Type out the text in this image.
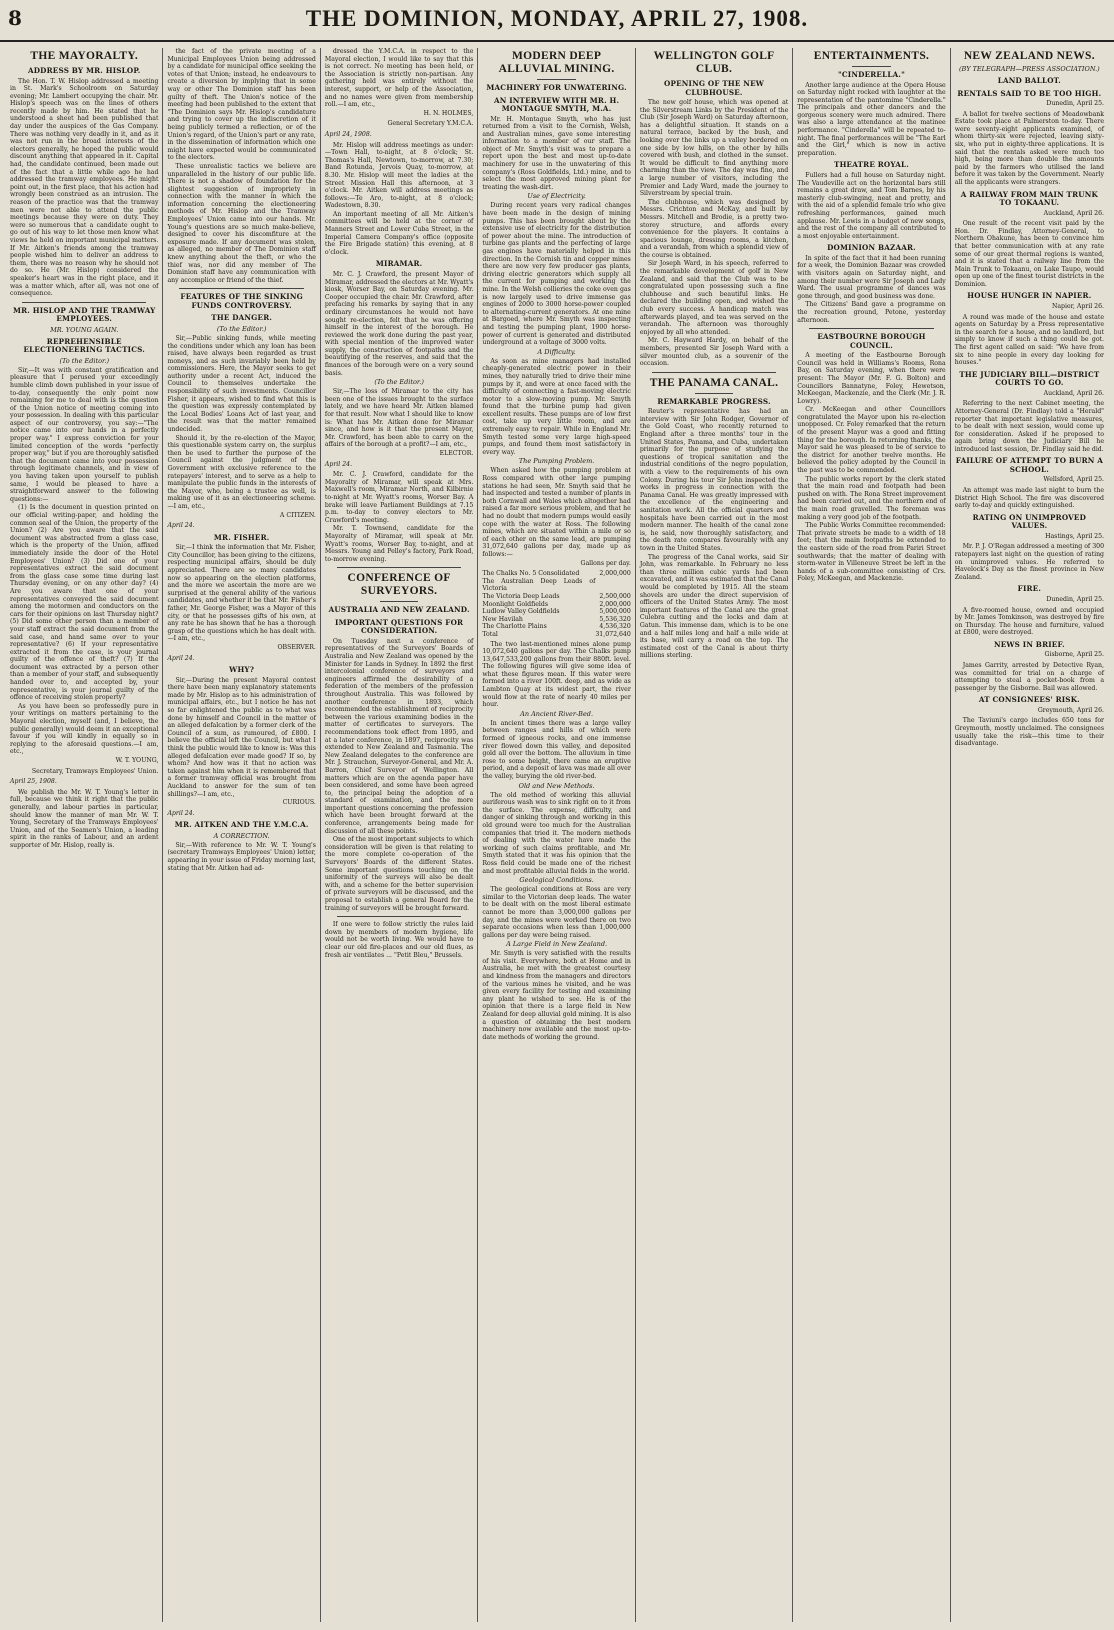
8	THE DOMINION, MONDAY, APRIL 27, 1908.
THE MAYORALTY.
ADDRESS BY MR. HISLOP.

The Hon. T. W. Hislop addressed a meeting in St. Mark's Schoolroom on Saturday evening; Mr. Lambert occupying the chair. Mr. Hislop's speech was on the lines of others recently made by him. He stated that he understood a sheet had been published that day under the auspices of the Gas Company. There was nothing very deadly in it, and as it was not run in the broad interests of the electors generally, he hoped the public would discount anything that appeared in it. Capital had, the candidate continued, been made out of the fact that a little while ago he had addressed the tramway employees. He might point out, in the first place, that his action had wrongly been construed as an intrusion. The reason of the practice was that the tramway men were not able to attend the public meetings because they were on duty. They were so numerous that a candidate ought to go out of his way to let those men know what views he held on important municipal matters. If Mr. Aitken's friends among the tramway people wished him to deliver an address to them, there was no reason why he should not do so. He (Mr. Hislop) considered the speaker's heart was in the right place, and it was a matter which, after all, was not one of consequence.

MR. HISLOP AND THE TRAMWAY EMPLOYEES.
MR. YOUNG AGAIN.
REPREHENSIBLE ELECTIONEERING TACTICS.
(To the Editor.)

Sir,—It was with constant gratification and pleasure that I perused your exceedingly humble climb down published in your issue of to-day, consequently the only point now remaining for me to deal with is the question of the Union notice of meeting coming into your possession. In dealing with this particular aspect of our controversy, you say:—"The notice came into our hands in a perfectly proper way." I express conviction for your limited conception of the words "perfectly proper way," but if you are thoroughly satisfied that the document came into your possession through legitimate channels, and in view of you having taken upon yourself to publish same, I would be pleased to have a straightforward answer to the following questions:—

(1) Is the document in question printed on our official writing-paper, and holding the common seal of the Union, the property of the Union? (2) Are you aware that the said document was abstracted from a glass case, which is the property of the Union, affixed immediately inside the door of the Hotel Employees' Union? (3) Did one of your representatives extract the said document from the glass case some time during last Thursday evening, or on any other day? (4) Are you aware that one of your representatives conveyed the said document among the motormen and conductors on the cars for their opinions on last Thursday night? (5) Did some other person than a member of your staff extract the said document from the said case, and hand same over to your representative? (6) If your representative extracted it from the case, is your journal guilty of the offence of theft? (7) If the document was extracted by a person other than a member of your staff, and subsequently handed over to, and accepted by, your representative, is your journal guilty of the offence of receiving stolen property?

As you have been so professedly pure in your writings on matters pertaining to the Mayoral election, myself (and, I believe, the public generally) would deem it an exceptional favour if you will kindly in equally so in replying to the aforesaid questions.—I am, etc.,

W. T. YOUNG,
Secretary, Tramways Employees' Union.
April 25, 1908.

We publish the Mr. W. T. Young's letter in full, because we think it right that the public generally, and labour parties in particular, should know the manner of man Mr. W. T. Young, Secretary of the Tramways Employees' Union, and of the Seamen's Union, a leading spirit in the ranks of Labour, and an ardent supporter of Mr. Hislop, really is.

the fact of the private meeting of a Municipal Employees Union being addressed by a candidate for municipal office seeking the votes of that Union; instead, he endeavours to create a diversion by implying that in some way or other The Dominion staff has been guilty of theft. The Union's notice of the meeting had been published to the extent that "The Dominion says Mr. Hislop's candidature and trying to cover up the indiscretion of it being publicly termed a reflection, or of the Union's regard, of the Union's part or any rate, in the dissemination of information which one might have expected would be communicated to the electors.

These unrealistic tactics we believe are unparalleled in the history of our public life. There is not a shadow of foundation for the slightest suggestion of impropriety in connection with the manner in which the information concerning the electioneering methods of Mr. Hislop and the Tramway Employees' Union came into our hands. Mr. Young's questions are so much make-believe, designed to cover his discomfiture at the exposure made. If any document was stolen, as alleged, no member of The Dominion staff knew anything about the theft, or who the thief was, nor did any member of The Dominion staff have any communication with any accomplice or friend of the thief.

FEATURES OF THE SINKING FUNDS CONTROVERSY.
THE DANGER.
(To the Editor.)

Sir,—Public sinking funds, while meeting the conditions under which any loan has been raised, have always been regarded as trust moneys, and as such invariably been held by commissioners. Here, the Mayor seeks to get authority under a recent Act, induced the Council to themselves undertake the responsibility of such investments. Councillor Fisher, it appears, wished to find what this is the question was expressly contemplated by the Local Bodies' Loans Act of last year, and the result was that the matter remained undecided.

Should it, by the re-election of the Mayor, this questionable system carry on, the surplus then be used to further the purpose of the Council against the judgment of the Government with exclusive reference to the ratepayers' interest, and to serve as a help to manipulate the public funds in the interests of the Mayor, who, being a trustee as well, is making use of it as an electioneering scheme.—I am, etc.,

A CITIZEN.
April 24.
MR. FISHER.

Sir,—I think the information that Mr. Fisher, City Councillor, has been giving to the citizens, respecting municipal affairs, should be duly appreciated. There are so many candidates now so appearing on the election platforms, and the more we ascertain the more are we surprised at the general ability of the various candidates, and whether it be that Mr. Fisher's father, Mr. George Fisher, was a Mayor of this city, or that he possesses gifts of his own, at any rate he has shown that he has a thorough grasp of the questions which he has dealt with.—I am, etc.,

OBSERVER.
April 24.
WHY?

Sir,—During the present Mayoral contest there have been many explanatory statements made by Mr. Hislop as to his administration of municipal affairs, etc., but I notice he has not so far enlightened the public as to what was done by himself and Council in the matter of an alleged defalcation by a former clerk of the Council of a sum, as rumoured, of £800. I believe the official left the Council, but what I think the public would like to know is: Was this alleged defalcation ever made good? If so, by whom? And how was it that no action was taken against him when it is remembered that a former tramway official was brought from Auckland to answer for the sum of ten shillings?—I am, etc.,

CURIOUS.
April 24.
MR. AITKEN AND THE Y.M.C.A.
A CORRECTION.

Sir,—With reference to Mr. W. T. Young's (secretary Tramways Employees' Union) letter, appearing in your issue of Friday morning last, stating that Mr. Aitken had ad-

dressed the Y.M.C.A. in respect to the Mayoral election, I would like to say that this is not correct. No meeting has been held, or the Association is strictly non-partisan. Any gathering held was entirely without the interest, support, or help of the Association, and no names were given from membership roll.—I am, etc.,

H. N. HOLMES,
General Secretary Y.M.C.A.
April 24, 1908.

Mr. Hislop will address meetings as under:—Town Hall, to-night, at 8 o'clock; St. Thomas's Hall, Newtown, to-morrow, at 7.30; Band Rotunda, Jervois Quay, to-morrow, at 8.30. Mr. Hislop will meet the ladies at the Street Mission Hall this afternoon, at 3 o'clock. Mr. Aitken will address meetings as follows:—Te Aro, to-night, at 8 o'clock; Wadestown, 8.30.

An important meeting of all Mr. Aitken's committees will be held at the corner of Manners Street and Lower Cuba Street, in the Imperial Camera Company's office (opposite the Fire Brigade station) this evening, at 8 o'clock.

MIRAMAR.

Mr. C. J. Crawford, the present Mayor of Miramar, addressed the electors at Mr. Wyatt's kiosk, Worser Bay, on Saturday evening. Mr. Cooper occupied the chair. Mr. Crawford, after prefacing his remarks by saying that in any ordinary circumstances he would not have sought re-election, felt that he was offering himself in the interest of the borough. He reviewed the work done during the past year, with special mention of the improved water supply, the construction of footpaths and the beautifying of the reserves, and said that the finances of the borough were on a very sound basis.

(To the Editor.)

Sir,—The loss of Miramar to the city has been one of the issues brought to the surface lately, and we have heard Mr. Aitken blamed for that result. Now what I should like to know is: What has Mr. Aitken done for Miramar since, and how is it that the present Mayor, Mr. Crawford, has been able to carry on the affairs of the borough at a profit?—I am, etc.,

ELECTOR.
April 24.

Mr. C. J. Crawford, candidate for the Mayoralty of Miramar, will speak at Mrs. Maxwell's room, Miramar North, and Kilbirnie to-night at Mr. Wyatt's rooms, Worser Bay. A brake will leave Parliament Buildings at 7.15 p.m. to-day to convey electors to Mr. Crawford's meeting.

Mr. T. Townsend, candidate for the Mayoralty of Miramar, will speak at Mr. Wyatt's rooms, Worser Bay, to-night, and at Messrs. Young and Pelley's factory, Park Road, to-morrow evening.

CONFERENCE OF SURVEYORS.
AUSTRALIA AND NEW ZEALAND.
IMPORTANT QUESTIONS FOR CONSIDERATION.

On Tuesday next a conference of representatives of the Surveyors' Boards of Australia and New Zealand was opened by the Minister for Lands in Sydney. In 1892 the first intercolonial conference of surveyors and engineers affirmed the desirability of a federation of the members of the profession throughout Australia. This was followed by another conference in 1893, which recommended the establishment of reciprocity between the various examining bodies in the matter of certificates to surveyors. The recommendations took effect from 1895, and at a later conference, in 1897, reciprocity was extended to New Zealand and Tasmania. The New Zealand delegates to the conference are Mr. J. Strauchon, Surveyor-General, and Mr. A. Barron, Chief Surveyor of Wellington. All matters which are on the agenda paper have been considered, and some have been agreed to, the principal being the adoption of a standard of examination, and the more important questions concerning the profession which have been brought forward at the conference, arrangements being made for discussion of all these points.

One of the most important subjects to which consideration will be given is that relating to the more complete co-operation of the Surveyors' Boards of the different States. Some important questions touching on the uniformity of the surveys will also be dealt with, and a scheme for the better supervision of private surveyors will be discussed, and the proposal to establish a general Board for the training of surveyors will be brought forward.

If one were to follow strictly the rules laid down by members of modern hygiene, life would not be worth living. We would have to clear our old fire-places and our old flues, as fresh air ventilates ... "Petit Bleu," Brussels.

MODERN DEEP ALLUVIAL MINING.
MACHINERY FOR UNWATERING.
AN INTERVIEW WITH MR. H. MONTAGUE SMYTH, M.A.

Mr. H. Montague Smyth, who has just returned from a visit to the Cornish, Welsh, and Australian mines, gave some interesting information to a member of our staff. The object of Mr. Smyth's visit was to prepare a report upon the best and most up-to-date machinery for use in the unwatering of this company's (Ross Goldfields, Ltd.) mine, and to select the most approved mining plant for treating the wash-dirt.

Use of Electricity.

During recent years very radical changes have been made in the design of mining pumps. This has been brought about by the extensive use of electricity for the distribution of power about the mine. The introduction of turbine gas plants and the perfecting of large gas engines have materially helped in this direction. In the Cornish tin and copper mines there are now very few producer gas plants, driving electric generators which supply all the current for pumping and working the mine. In the Welsh collieries the coke oven gas is now largely used to drive immense gas engines of 2000 to 3000 horse-power coupled to alternating-current generators. At one mine at Bargoed, where Mr. Smyth was inspecting and testing the pumping plant, 1900 horse-power of current is generated and distributed underground at a voltage of 3000 volts.

A Difficulty.

As soon as mine managers had installed cheaply-generated electric power in their mines, they naturally tried to drive their mine pumps by it, and were at once faced with the difficulty of connecting a fast-moving electric motor to a slow-moving pump. Mr. Smyth found that the turbine pump had given excellent results. These pumps are of low first cost, take up very little room, and are extremely easy to repair. While in England Mr. Smyth tested some very large high-speed pumps, and found them most satisfactory in every way.

The Pumping Problem.

When asked how the pumping problem at Ross compared with other large pumping stations he had seen, Mr. Smyth said that he had inspected and tested a number of plants in both Cornwall and Wales which altogether had raised a far more serious problem, and that he had no doubt that modern pumps would easily cope with the water at Ross. The following mines, which are situated within a mile or so of each other on the same lead, are pumping 31,072,640 gallons per day, made up as follows:—

Gallons per day.
The Chalks No. 5 Consolidated	2,000,000
The Australian Deep Leads of Victoria	
The Victoria Deep Leads	2,500,000
Moonlight Goldfields	2,000,000
Ludlow Valley Goldfields	5,000,000
New Havilah	5,536,320
The Charlotte Plains	4,536,320
Total	31,072,640

The two last-mentioned mines alone pump 10,072,640 gallons per day. The Chalks pump 13,647,533,200 gallons from their 880ft. level. The following figures will give some idea of what these figures mean. If this water were formed into a river 100ft. deep, and as wide as Lambton Quay at its widest part, the river would flow at the rate of nearly 40 miles per hour.

An Ancient River-Bed.

In ancient times there was a large valley between ranges and hills of which were formed of igneous rocks, and one immense river flowed down this valley, and deposited gold all over the bottom. The alluvium in time rose to some height, there came an eruptive period, and a deposit of lava was made all over the valley, burying the old river-bed.

Old and New Methods.

The old method of working this alluvial auriferous wash was to sink right on to it from the surface. The expense, difficulty, and danger of sinking through and working in this old ground were too much for the Australian companies that tried it. The modern methods of dealing with the water have made the working of such claims profitable, and Mr. Smyth stated that it was his opinion that the Ross field could be made one of the richest and most profitable alluvial fields in the world.

Geological Conditions.

The geological conditions at Ross are very similar to the Victorian deep leads. The water to be dealt with on the most liberal estimate cannot be more than 3,000,000 gallons per day, and the mines were worked there on two separate occasions when less than 1,000,000 gallons per day were being raised.

A Large Field in New Zealand.

Mr. Smyth is very satisfied with the results of his visit. Everywhere, both at Home and in Australia, he met with the greatest courtesy and kindness from the managers and directors of the various mines he visited, and he was given every facility for testing and examining any plant he wished to see. He is of the opinion that there is a large field in New Zealand for deep alluvial gold mining. It is also a question of obtaining the best modern machinery now available and the most up-to-date methods of working the ground.

WELLINGTON GOLF CLUB.
OPENING OF THE NEW CLUBHOUSE.

The new golf house, which was opened at the Silverstream Links by the President of the Club (Sir Joseph Ward) on Saturday afternoon, has a delightful situation. It stands on a natural terrace, backed by the bush, and looking over the links up a valley bordered on one side by low hills, on the other by hills covered with bush, and clothed in the sunset. It would be difficult to find anything more charming than the view. The day was fine, and a large number of visitors, including the Premier and Lady Ward, made the journey to Silverstream by special train.

The clubhouse, which was designed by Messrs. Crichton and McKay, and built by Messrs. Mitchell and Brodie, is a pretty two-storey structure, and affords every convenience for the players. It contains a spacious lounge, dressing rooms, a kitchen, and a verandah, from which a splendid view of the course is obtained.

Sir Joseph Ward, in his speech, referred to the remarkable development of golf in New Zealand, and said that the Club was to be congratulated upon possessing such a fine clubhouse and such beautiful links. He declared the building open, and wished the club every success. A handicap match was afterwards played, and tea was served on the verandah. The afternoon was thoroughly enjoyed by all who attended.

Mr. C. Hayward Hardy, on behalf of the members, presented Sir Joseph Ward with a silver mounted club, as a souvenir of the occasion.

THE PANAMA CANAL.
REMARKABLE PROGRESS.

Reuter's representative has had an interview with Sir John Rodger, Governor of the Gold Coast, who recently returned to England after a three months' tour in the United States, Panama, and Cuba, undertaken primarily for the purpose of studying the questions of tropical sanitation and the industrial conditions of the negro population, with a view to the requirements of his own Colony. During his tour Sir John inspected the works in progress in connection with the Panama Canal. He was greatly impressed with the excellence of the engineering and sanitation work. All the official quarters and hospitals have been carried out in the most modern manner. The health of the canal zone is, he said, now thoroughly satisfactory, and the death rate compares favourably with any town in the United States.

The progress of the Canal works, said Sir John, was remarkable. In February no less than three million cubic yards had been excavated, and it was estimated that the Canal would be completed by 1915. All the steam shovels are under the direct supervision of officers of the United States Army. The most important features of the Canal are the great Culebra cutting and the locks and dam at Gatun. This immense dam, which is to be one and a half miles long and half a mile wide at its base, will carry a road on the top. The estimated cost of the Canal is about thirty millions sterling.

ENTERTAINMENTS.
"CINDERELLA."

Another large audience at the Opera House on Saturday night rocked with laughter at the representation of the pantomime "Cinderella." The principals and other dancers and the gorgeous scenery were much admired. There was also a large attendance at the matinee performance. "Cinderella" will be repeated to-night. The final performances will be "The Earl and the Girl," which is now in active preparation.

THEATRE ROYAL.

Fullers had a full house on Saturday night. The Vaudeville act on the horizontal bars still remains a great draw, and Tom Barnes, by his masterly club-swinging, neat and pretty, and with the aid of a splendid female trio who give refreshing performances, gained much applause. Mr. Lewis in a budget of new songs, and the rest of the company all contributed to a most enjoyable entertainment.

DOMINION BAZAAR.

In spite of the fact that it had been running for a week, the Dominion Bazaar was crowded with visitors again on Saturday night, and among their number were Sir Joseph and Lady Ward. The usual programme of dances was gone through, and good business was done.

The Citizens' Band gave a programme on the recreation ground, Petone, yesterday afternoon.

EASTBOURNE BOROUGH COUNCIL.

A meeting of the Eastbourne Borough Council was held in Williams's Rooms, Rona Bay, on Saturday evening, when there were present: The Mayor (Mr. F. G. Bolton) and Councillors Bannatyne, Foley, Hewetson, McKeegan, Mackenzie, and the Clerk (Mr. J. R. Lowry).

Cr. McKeegan and other Councillors congratulated the Mayor upon his re-election unopposed. Cr. Foley remarked that the return of the present Mayor was a good and fitting thing for the borough. In returning thanks, the Mayor said he was pleased to be of service to the district for another twelve months. He believed the policy adopted by the Council in the past was to be commended.

The public works report by the clerk stated that the main road and footpath had been pushed on with. The Rona Street improvement had been carried out, and the northern end of the main road gravelled. The foreman was making a very good job of the footpath.

The Public Works Committee recommended: That private streets be made to a width of 18 feet; that the main footpaths be extended to the eastern side of the road from Pariri Street southwards; that the matter of dealing with storm-water in Villeneuve Street be left in the hands of a sub-committee consisting of Crs. Foley, McKeegan, and Mackenzie.

NEW ZEALAND NEWS.
(BY TELEGRAPH—PRESS ASSOCIATION.)
LAND BALLOT.
RENTALS SAID TO BE TOO HIGH.
Dunedin, April 25.

A ballot for twelve sections of Meadowbank Estate took place at Palmerston to-day. There were seventy-eight applicants examined, of whom thirty-six were rejected, leaving sixty-six, who put in eighty-three applications. It is said that the rentals asked were much too high, being more than double the amounts paid by the farmers who utilised the land before it was taken by the Government. Nearly all the applicants were strangers.

A RAILWAY FROM MAIN TRUNK TO TOKAANU.
Auckland, April 26.

One result of the recent visit paid by the Hon. Dr. Findlay, Attorney-General, to Northern Ohakune, has been to convince him that better communication with at any rate some of our great thermal regions is wanted, and it is stated that a railway line from the Main Trunk to Tokaanu, on Lake Taupo, would open up one of the finest tourist districts in the Dominion.

HOUSE HUNGER IN NAPIER.
Napier, April 26.

A round was made of the house and estate agents on Saturday by a Press representative in the search for a house, and no landlord, but simply to know if such a thing could be got. The first agent called on said: "We have from six to nine people in every day looking for houses."

THE JUDICIARY BILL—DISTRICT COURTS TO GO.
Auckland, April 26.

Referring to the next Cabinet meeting, the Attorney-General (Dr. Findlay) told a "Herald" reporter that important legislative measures, to be dealt with next session, would come up for consideration. Asked if he proposed to again bring down the Judiciary Bill he introduced last session, Dr. Findlay said he did.

FAILURE OF ATTEMPT TO BURN A SCHOOL.
Wellsford, April 25.

An attempt was made last night to burn the District High School. The fire was discovered early to-day and quickly extinguished.

RATING ON UNIMPROVED VALUES.
Hastings, April 25.

Mr. P. J. O'Regan addressed a meeting of 300 ratepayers last night on the question of rating on unimproved values. He referred to Havelock's Day as the finest province in New Zealand.

FIRE.
Dunedin, April 25.

A five-roomed house, owned and occupied by Mr. James Tomkinson, was destroyed by fire on Thursday. The house and furniture, valued at £800, were destroyed.

NEWS IN BRIEF.
Gisborne, April 25.

James Garrity, arrested by Detective Ryan, was committed for trial on a charge of attempting to steal a pocket-book from a passenger by the Gisborne. Bail was allowed.

AT CONSIGNEES' RISK.
Greymouth, April 26.

The Taviuni's cargo includes 650 tons for Greymouth, mostly unclaimed. The consignees usually take the risk—this time to their disadvantage.
